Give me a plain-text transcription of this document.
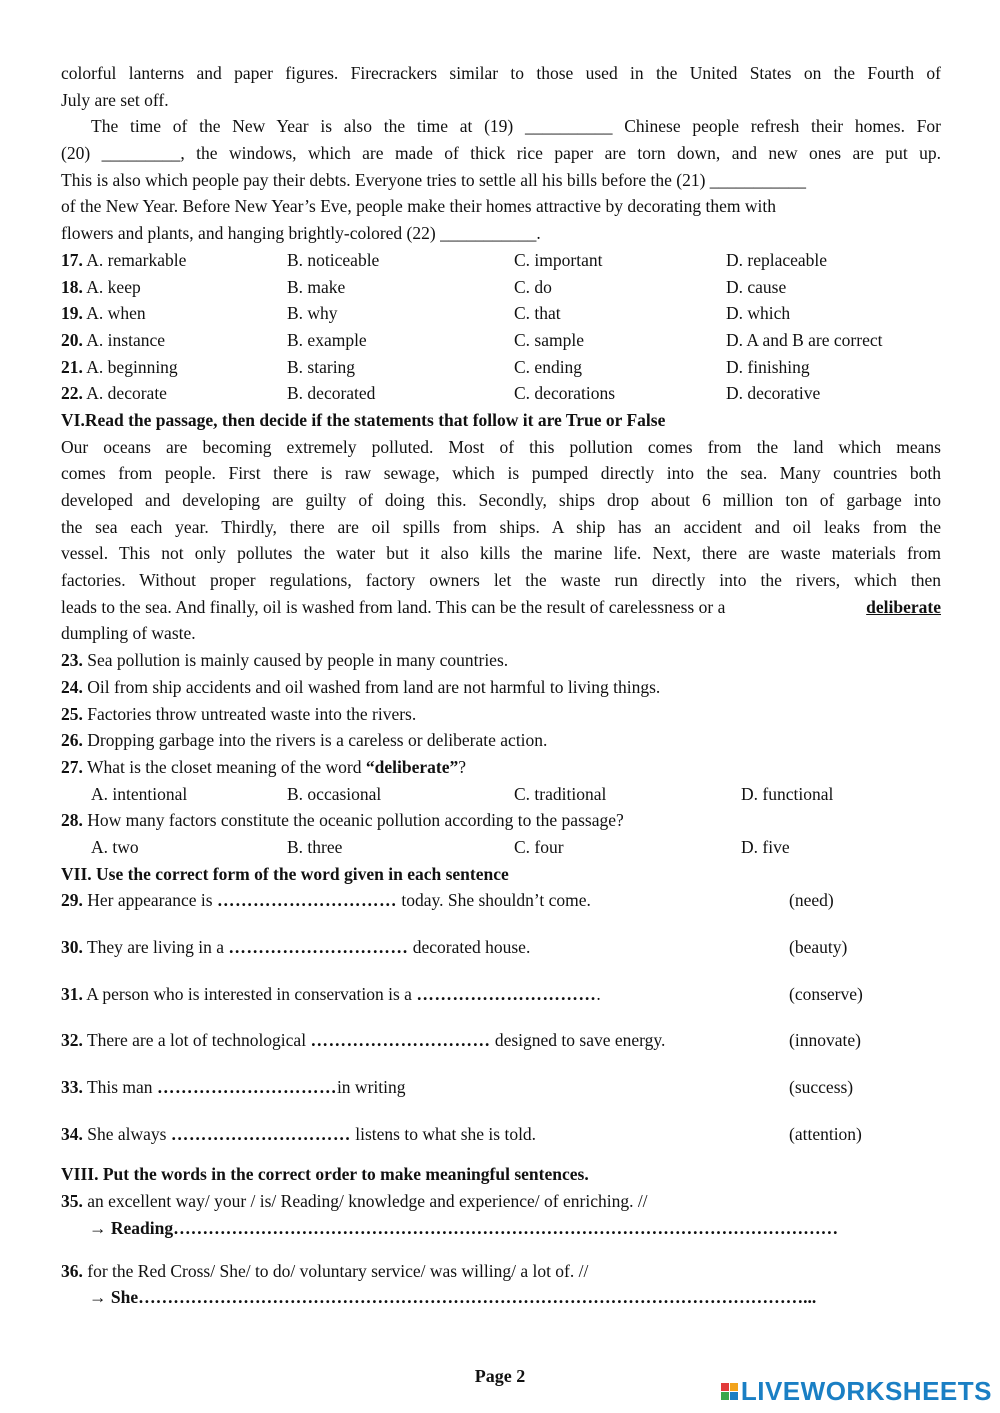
colorful lanterns and paper figures. Firecrackers similar to those used in the United States on the Fourth of
July are set off.
The time of the New Year is also the time at (19) __________ Chinese people refresh their homes. For
(20) _________, the windows, which are made of thick rice paper are torn down, and new ones are put up.
This is also which people pay their debts. Everyone tries to settle all his bills before the (21) ___________
of the New Year. Before New Year’s Eve, people make their homes attractive by decorating them with
flowers and plants, and hanging brightly-colored (22) ___________.
17. A. remarkable	B. noticeable	C. important	D. replaceable
18. A. keep	B. make	C. do	D. cause
19. A. when	B. why	C. that	D. which
20. A. instance	B. example	C. sample	D. A and B are correct
21. A. beginning	B. staring	C. ending	D. finishing
22. A. decorate	B. decorated	C. decorations	D. decorative
VI.Read the passage, then decide if the statements that follow it are True or False
Our oceans are becoming extremely polluted. Most of this pollution comes from the land which means
comes from people. First there is raw sewage, which is pumped directly into the sea. Many countries both
developed and developing are guilty of doing this. Secondly, ships drop about 6 million ton of garbage into
the sea each year. Thirdly, there are oil spills from ships. A ship has an accident and oil leaks from the
vessel. This not only pollutes the water but it also kills the marine life. Next, there are waste materials from
factories. Without proper regulations, factory owners let the waste run directly into the rivers, which then
leads to the sea. And finally, oil is washed from land. This can be the result of carelessness or a	deliberate
dumpling of waste.
23. Sea pollution is mainly caused by people in many countries.
24. Oil from ship accidents and oil washed from land are not harmful to living things.
25. Factories throw untreated waste into the rivers.
26. Dropping garbage into the rivers is a careless or deliberate action.
27. What is the closet meaning of the word “deliberate”?
A. intentional	B. occasional	C. traditional	D. functional
28. How many factors constitute the oceanic pollution according to the passage?
A. two	B. three	C. four	D. five
VII. Use the correct form of the word given in each sentence
29. Her appearance is ………………………… today. She shouldn’t come.	(need)
30. They are living in a ………………………… decorated house.	(beauty)
31. A person who is interested in conservation is a ………………………….	(conserve)
32. There are a lot of technological ………………………… designed to save energy.	(innovate)
33. This man …………………………in writing	(success)
34. She always ………………………… listens to what she is told.	(attention)
VIII. Put the words in the correct order to make meaningful sentences.
35. an excellent way/ your / is/ Reading/ knowledge and experience/ of enriching. //
→ Reading……………………………………………………………………………………………………
36. for the Red Cross/ She/ to do/ voluntary service/ was willing/ a lot of. //
→ She……………………………………………………………………………………………………...
Page 2	LIVEWORKSHEETS
